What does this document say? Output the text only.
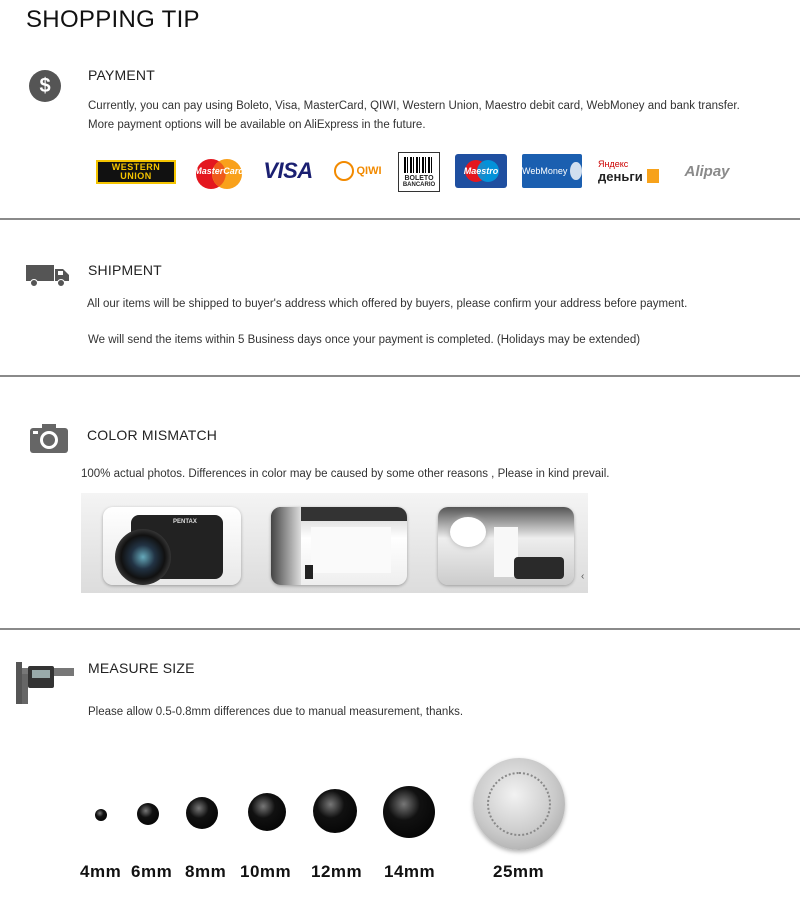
SHOPPING TIP
$	PAYMENT
Currently, you can pay using Boleto, Visa, MasterCard, QIWI, Western Union, Maestro debit card, WebMoney and bank transfer.
More payment options will be available on AliExpress in the future.
WESTERN
UNION	MasterCard VISA	QIWI
BOLETO
BANCARIO
Maestro	WebMoney
Яндекс
деньги	Alipay
SHIPMENT
All our items will be shipped to buyer's address which offered by buyers, please confirm your address before payment.
We will send the items within 5 Business days once your payment is completed. (Holidays may be extended)
COLOR MISMATCH
100% actual photos. Differences in color may be caused by some other reasons , Please in kind prevail.
PENTAX
‹
MEASURE SIZE
Please allow 0.5-0.8mm differences due to manual measurement, thanks.
4mm 6mm 8mm 10mm 12mm 14mm	25mm
